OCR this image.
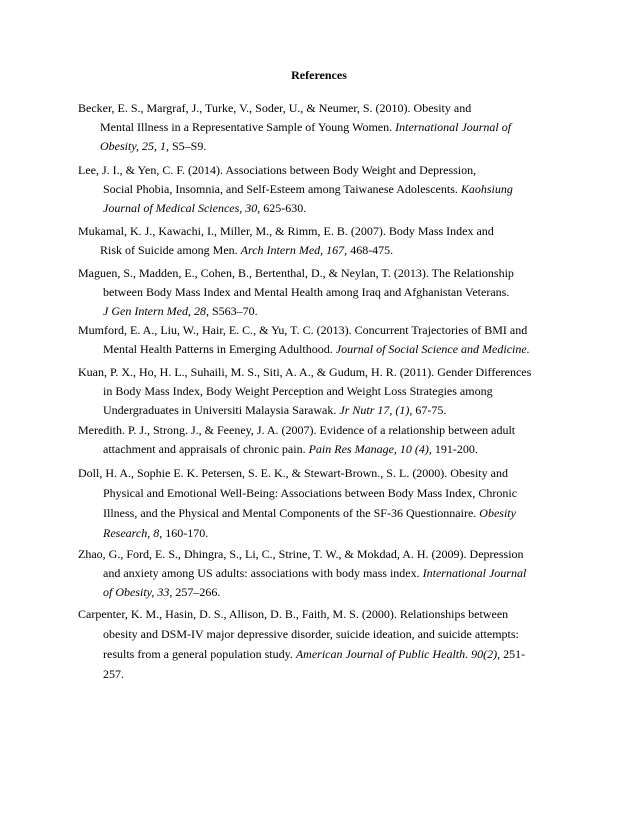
References
Becker, E. S., Margraf, J., Turke, V., Soder, U., & Neumer, S. (2010). Obesity and
Mental Illness in a Representative Sample of Young Women. International Journal of
Obesity, 25, 1, S5–S9.
Lee, J. I., & Yen, C. F. (2014). Associations between Body Weight and Depression,
Social Phobia, Insomnia, and Self-Esteem among Taiwanese Adolescents. Kaohsiung
Journal of Medical Sciences, 30, 625-630.
Mukamal, K. J., Kawachi, I., Miller, M., & Rimm, E. B. (2007). Body Mass Index and
Risk of Suicide among Men. Arch Intern Med, 167, 468-475.
Maguen, S., Madden, E., Cohen, B., Bertenthal, D., & Neylan, T. (2013). The Relationship
between Body Mass Index and Mental Health among Iraq and Afghanistan Veterans.
J Gen Intern Med, 28, S563–70.
Mumford, E. A., Liu, W., Hair, E. C., & Yu, T. C. (2013). Concurrent Trajectories of BMI and
Mental Health Patterns in Emerging Adulthood. Journal of Social Science and Medicine.
Kuan, P. X., Ho, H. L., Suhaili, M. S., Siti, A. A., & Gudum, H. R. (2011). Gender Differences
in Body Mass Index, Body Weight Perception and Weight Loss Strategies among
Undergraduates in Universiti Malaysia Sarawak. Jr Nutr 17, (1), 67-75.
Meredith. P. J., Strong. J., & Feeney, J. A. (2007). Evidence of a relationship between adult
attachment and appraisals of chronic pain. Pain Res Manage, 10 (4), 191-200.
Doll, H. A., Sophie E. K. Petersen, S. E. K., & Stewart-Brown., S. L. (2000). Obesity and
Physical and Emotional Well-Being: Associations between Body Mass Index, Chronic
Illness, and the Physical and Mental Components of the SF-36 Questionnaire. Obesity
Research, 8, 160-170.
Zhao, G., Ford, E. S., Dhingra, S., Li, C., Strine, T. W., & Mokdad, A. H. (2009). Depression
and anxiety among US adults: associations with body mass index. International Journal
of Obesity, 33, 257–266.
Carpenter, K. M., Hasin, D. S., Allison, D. B., Faith, M. S. (2000). Relationships between
obesity and DSM-IV major depressive disorder, suicide ideation, and suicide attempts:
results from a general population study. American Journal of Public Health. 90(2), 251-
257.
